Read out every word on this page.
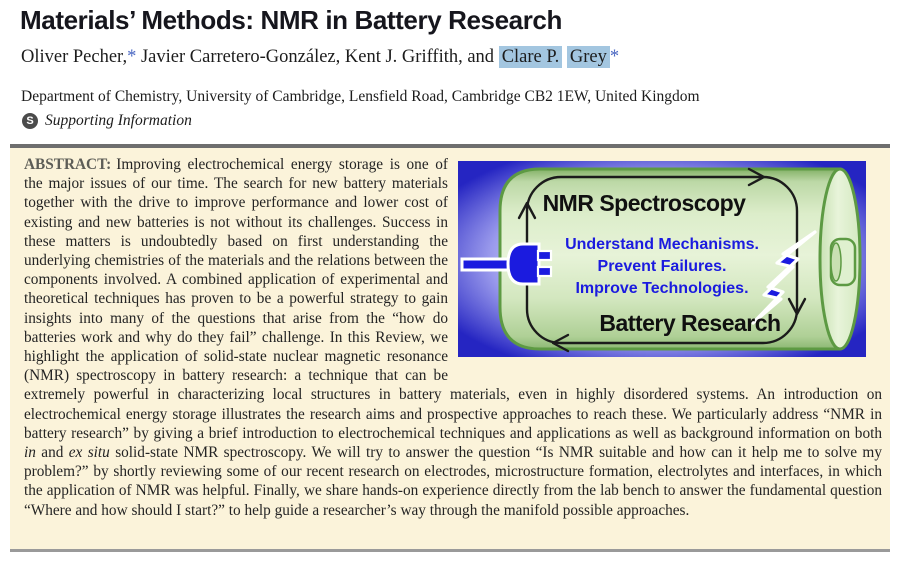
Materials’ Methods: NMR in Battery Research
Oliver Pecher,* Javier Carretero-González, Kent J. Griffith, and Clare P. Grey *
Department of Chemistry, University of Cambridge, Lensfield Road, Cambridge CB2 1EW, United Kingdom
S Supporting Information
NMR Spectroscopy
Understand Mechanisms.
Prevent Failures.
Improve Technologies.
Battery Research

ABSTRACT: Improving electrochemical energy storage is one of the major issues of our time. The search for new battery materials together with the drive to improve performance and lower cost of existing and new batteries is not without its challenges. Success in these matters is undoubtedly based on first understanding the underlying chemistries of the materials and the relations between the components involved. A combined application of experimental and theoretical techniques has proven to be a powerful strategy to gain insights into many of the questions that arise from the “how do batteries work and why do they fail” challenge. In this Review, we highlight the application of solid-state nuclear magnetic resonance (NMR) spectroscopy in battery research: a technique that can be extremely powerful in characterizing local structures in battery materials, even in highly disordered systems. An introduction on electrochemical energy storage illustrates the research aims and prospective approaches to reach these. We particularly address “NMR in battery research” by giving a brief introduction to electrochemical techniques and applications as well as background information on both in and ex situ solid-state NMR spectroscopy. We will try to answer the question “Is NMR suitable and how can it help me to solve my problem?” by shortly reviewing some of our recent research on electrodes, microstructure formation, electrolytes and interfaces, in which the application of NMR was helpful. Finally, we share hands-on experience directly from the lab bench to answer the fundamental question “Where and how should I start?” to help guide a researcher’s way through the manifold possible approaches.
